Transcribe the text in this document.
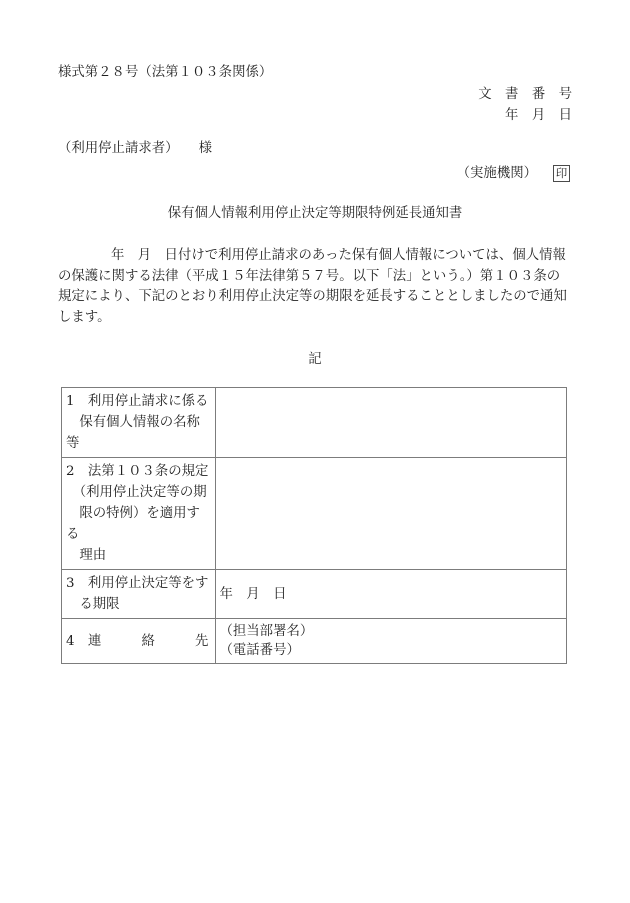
様式第２８号（法第１０３条関係）
文　書　番　号
年　月　日
（利用停止請求者）　　様
（実施機関） 印
保有個人情報利用停止決定等期限特例延長通知書
年　月　日付けで利用停止請求のあった保有個人情報については、個人情報
の保護に関する法律（平成１５年法律第５７号。以下「法」という。）第１０３条の
規定により、下記のとおり利用停止決定等の期限を延長することとしましたので通知
します。
記
1　利用停止請求に係る
　保有個人情報の名称等	

2　法第１０３条の規定
　（利用停止決定等の期
　限の特例）を適用する
　理由	

3　利用停止決定等をす
　る期限	年　月　日

4　連　　　絡　　　先	（担当部署名）
（電話番号）
